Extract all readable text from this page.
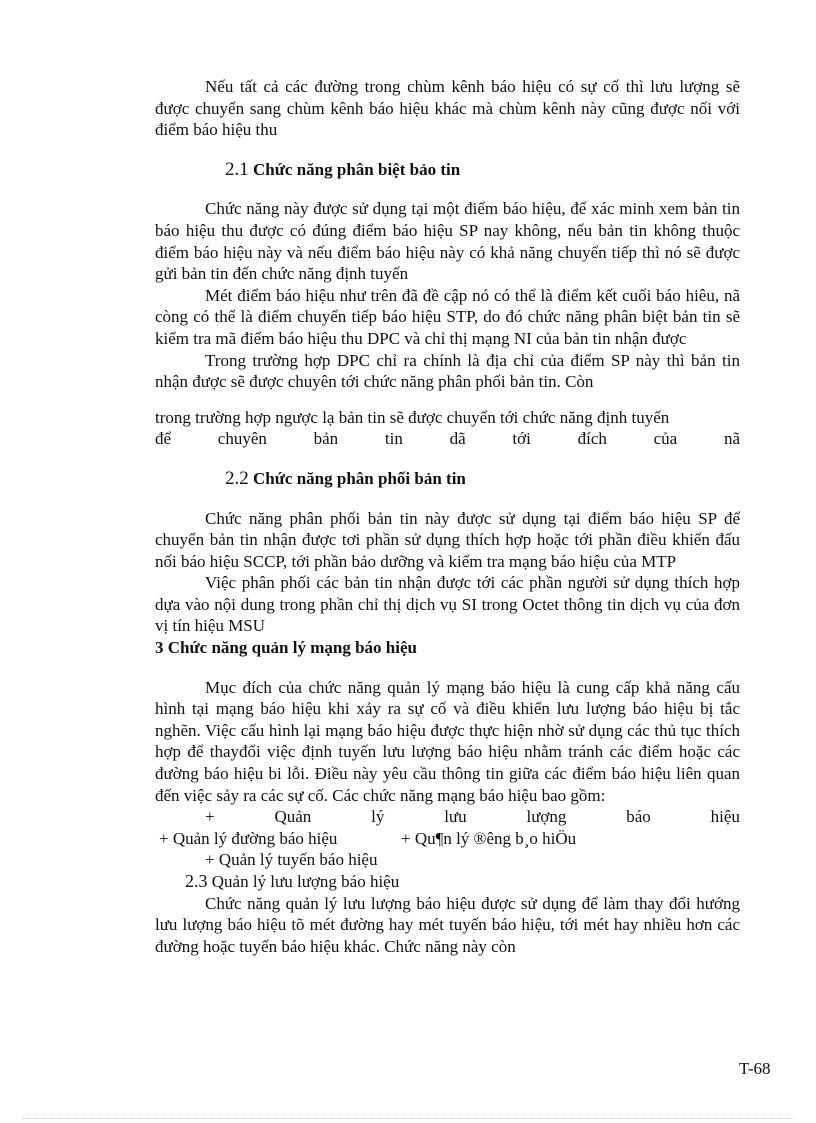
Nếu tất cả các đường trong chùm kênh báo hiệu có sự cố thì lưu lượng sẽ được chuyển sang chùm kênh báo hiệu khác mà chùm kênh này cũng được nối với điểm báo hiệu thu

2.1 Chức năng phân biệt bảo tin

Chức năng này được sử dụng tại một điểm báo hiệu, để xác minh xem bản tin báo hiệu thu được có đúng điểm báo hiệu SP nay không, nếu bản tin không thuộc điểm báo hiệu này và nếu điểm báo hiệu này có khả năng chuyển tiếp thì nó sẽ được gửi bản tin đến chức năng định tuyến

Mét điểm báo hiệu như trên đã đề cập nó có thể là điểm kết cuối báo hiêu, nã còng có thể là điểm chuyển tiếp báo hiệu STP, do đó chức năng phân biệt bản tin sẽ kiểm tra mã điểm báo hiệu thu DPC và chỉ thị mạng NI của bản tin nhận được

Trong trường hợp DPC chỉ ra chính là địa chỉ của điểm SP này thì bản tin nhận được sẽ được chuyên tới chức năng phân phối bản tin. Còn

trong trường hợp ngược lạ bản tin sẽ được chuyển tới chức năng định tuyến

để chuyên bản tin dã tới đích của nã

2.2 Chức năng phân phối bản tin

Chức năng phân phối bản tin này được sử dụng tại điểm báo hiệu SP để chuyển bản tin nhận được tơi phần sử dụng thích hợp hoặc tới phần điều khiển đấu nối báo hiệu SCCP, tới phần bảo dưỡng và kiểm tra mạng báo hiệu của MTP

Việc phân phối các bản tin nhận được tới các phần người sử dụng thích hợp dựa vào nội dung trong phần chỉ thị dịch vụ SI trong Octet thông tin dịch vụ của đơn vị tín hiệu MSU

3 Chức năng quản lý mạng báo hiệu

Mục đích của chức năng quản lý mạng báo hiệu là cung cấp khả năng cấu hình tại mạng báo hiệu khi xảy ra sự cố và điều khiển lưu lượng báo hiệu bị tắc nghẽn. Việc cấu hình lại mạng báo hiệu được thực hiện nhờ sử dụng các thủ tục thích hợp để thayđổi việc định tuyến lưu lượng báo hiệu nhằm tránh các điểm hoặc các đường báo hiệu bi lỗi. Điều này yêu cầu thông tin giữa các điểm báo hiệu liên quan đến việc sảy ra các sự cố. Các chức năng mạng báo hiệu bao gồm:

+	Quản	lý	lưu	lượng	báo	hiệu
+ Quản lý đường báo hiệu	+ Qu¶n lý ®êng b¸o hiÖu
+ Quản lý tuyến báo hiệu

2.3 Quản lý lưu lượng báo hiệu

Chức năng quản lý lưu lượng báo hiệu được sử dụng để làm thay đổi hướng lưu lượng báo hiệu tõ mét đường hay mét tuyến báo hiệu, tới mét hay nhiều hơn các đường hoặc tuyến báo hiệu khác. Chức năng này còn

T-68
